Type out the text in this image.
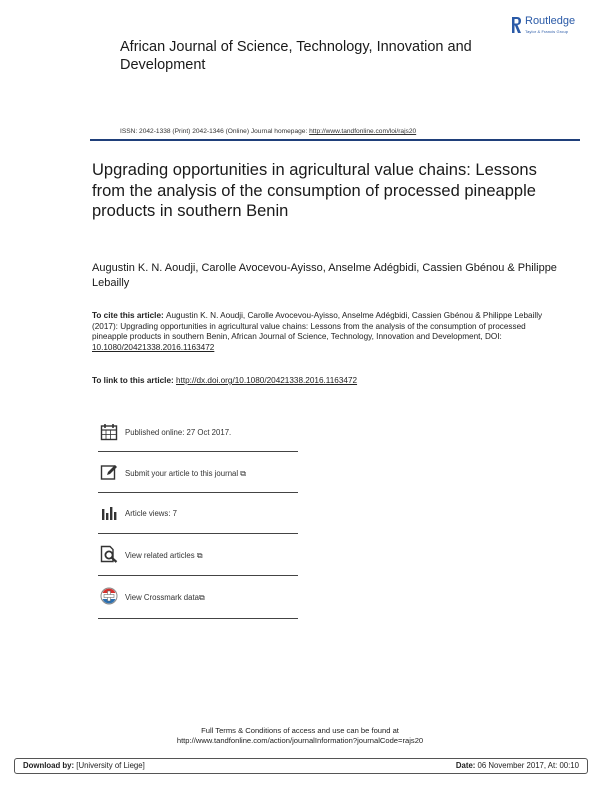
African Journal of Science, Technology, Innovation and Development
Routledge
Taylor & Francis Group
ISSN: 2042-1338 (Print) 2042-1346 (Online) Journal homepage: http://www.tandfonline.com/loi/rajs20
Upgrading opportunities in agricultural value chains: Lessons from the analysis of the consumption of processed pineapple products in southern Benin
Augustin K. N. Aoudji, Carolle Avocevou-Ayisso, Anselme Adégbidi, Cassien Gbénou & Philippe Lebailly
To cite this article: Augustin K. N. Aoudji, Carolle Avocevou-Ayisso, Anselme Adégbidi, Cassien Gbénou & Philippe Lebailly (2017): Upgrading opportunities in agricultural value chains: Lessons from the analysis of the consumption of processed pineapple products in southern Benin, African Journal of Science, Technology, Innovation and Development, DOI: 10.1080/20421338.2016.1163472
To link to this article: http://dx.doi.org/10.1080/20421338.2016.1163472
Published online: 27 Oct 2017.
Submit your article to this journal ⧉
Article views: 7
View related articles ⧉
View Crossmark data⧉
Full Terms & Conditions of access and use can be found at
http://www.tandfonline.com/action/journalInformation?journalCode=rajs20
Download by: [University of Liege]	Date: 06 November 2017, At: 00:10
